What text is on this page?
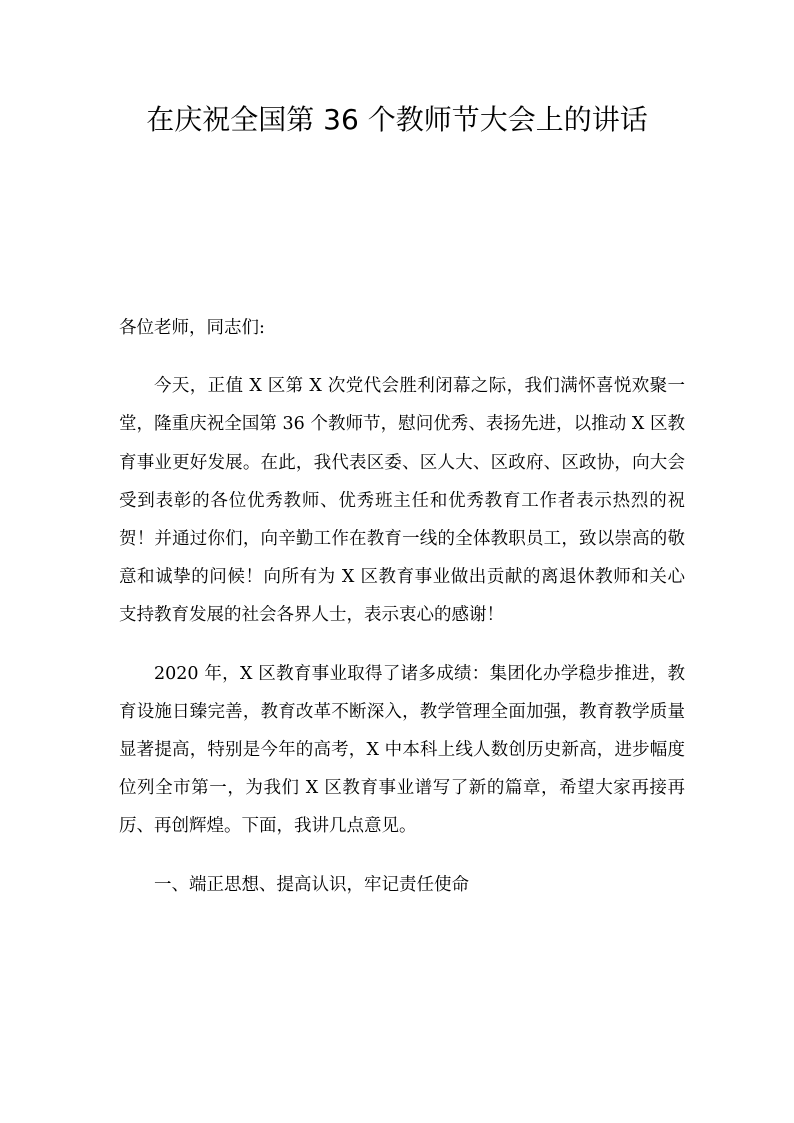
在庆祝全国第 36 个教师节大会上的讲话

各位老师，同志们:

今天，正值 X 区第 X 次党代会胜利闭幕之际，我们满怀喜悦欢聚一堂，隆重庆祝全国第 36 个教师节，慰问优秀、表扬先进，以推动 X 区教育事业更好发展。在此，我代表区委、区人大、区政府、区政协，向大会受到表彰的各位优秀教师、优秀班主任和优秀教育工作者表示热烈的祝贺！并通过你们，向辛勤工作在教育一线的全体教职员工，致以崇高的敬意和诚挚的问候！向所有为 X 区教育事业做出贡献的离退休教师和关心支持教育发展的社会各界人士，表示衷心的感谢！

2020 年，X 区教育事业取得了诸多成绩：集团化办学稳步推进，教育设施日臻完善，教育改革不断深入，教学管理全面加强，教育教学质量显著提高，特别是今年的高考，X 中本科上线人数创历史新高，进步幅度位列全市第一，为我们 X 区教育事业谱写了新的篇章，希望大家再接再厉、再创辉煌。下面，我讲几点意见。

一、端正思想、提高认识，牢记责任使命
